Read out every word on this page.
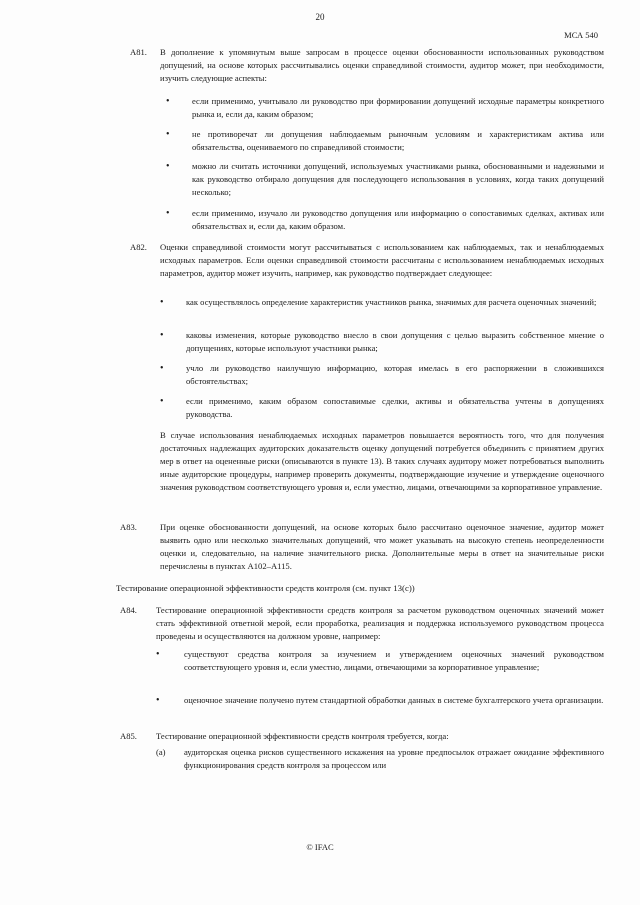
20
МСА 540
A81. В дополнение к упомянутым выше запросам в процессе оценки обоснованности использованных руководством допущений, на основе которых рассчитывались оценки справедливой стоимости, аудитор может, при необходимости, изучить следующие аспекты:
•	если применимо, учитывало ли руководство при формировании допущений исходные параметры конкретного рынка и, если да, каким образом;
•	не противоречат ли допущения наблюдаемым рыночным условиям и характеристикам актива или обязательства, оцениваемого по справедливой стоимости;
•	можно ли считать источники допущений, используемых участниками рынка, обоснованными и надежными и как руководство отбирало допущения для последующего использования в условиях, когда таких допущений несколько;
•	если применимо, изучало ли руководство допущения или информацию о сопоставимых сделках, активах или обязательствах и, если да, каким образом.
A82. Оценки справедливой стоимости могут рассчитываться с использованием как наблюдаемых, так и ненаблюдаемых исходных параметров. Если оценки справедливой стоимости рассчитаны с использованием ненаблюдаемых исходных параметров, аудитор может изучить, например, как руководство подтверждает следующее:
•	как осуществлялось определение характеристик участников рынка, значимых для расчета оценочных значений;
•	каковы изменения, которые руководство внесло в свои допущения с целью выразить собственное мнение о допущениях, которые используют участники рынка;
•	учло ли руководство наилучшую информацию, которая имелась в его распоряжении в сложившихся обстоятельствах;
•	если применимо, каким образом сопоставимые сделки, активы и обязательства учтены в допущениях руководства.
В случае использования ненаблюдаемых исходных параметров повышается вероятность того, что для получения достаточных надлежащих аудиторских доказательств оценку допущений потребуется объединить с принятием других мер в ответ на оцененные риски (описываются в пункте 13). В таких случаях аудитору может потребоваться выполнить иные аудиторские процедуры, например проверить документы, подтверждающие изучение и утверждение оценочного значения руководством соответствующего уровня и, если уместно, лицами, отвечающими за корпоративное управление.
A83.	При оценке обоснованности допущений, на основе которых было рассчитано оценочное значение, аудитор может выявить одно или несколько значительных допущений, что может указывать на высокую степень неопределенности оценки и, следовательно, на наличие значительного риска. Дополнительные меры в ответ на значительные риски перечислены в пунктах A102–A115.
Тестирование операционной эффективности средств контроля (см. пункт 13(c))
A84. Тестирование операционной эффективности средств контроля за расчетом руководством оценочных значений может стать эффективной ответной мерой, если проработка, реализация и поддержка используемого руководством процесса проведены и осуществляются на должном уровне, например:
•	существуют средства контроля за изучением и утверждением оценочных значений руководством соответствующего уровня и, если уместно, лицами, отвечающими за корпоративное управление;
•	оценочное значение получено путем стандартной обработки данных в системе бухгалтерского учета организации.
A85. Тестирование операционной эффективности средств контроля требуется, когда:
(a) аудиторская оценка рисков существенного искажения на уровне предпосылок отражает ожидание эффективного функционирования средств контроля за процессом или
© IFAC
